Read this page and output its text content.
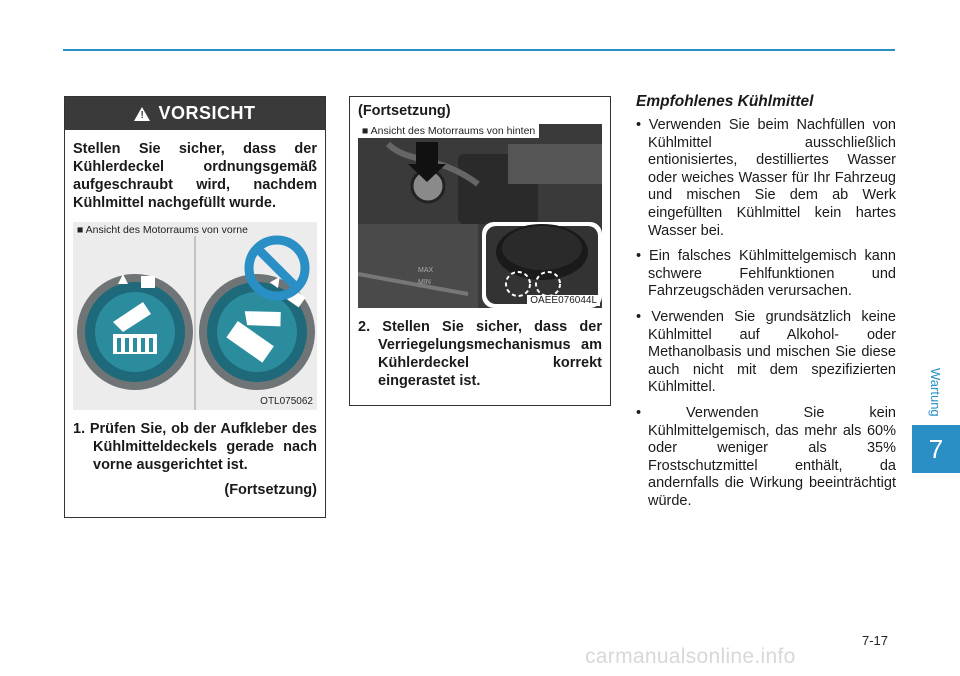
! VORSICHT
Stellen Sie sicher, dass der Kühlerdeckel ordnungsgemäß aufgeschraubt wird, nachdem Kühlmittel nachgefüllt wurde.
■ Ansicht des Motorraums von vorne
OTL075062
1. Prüfen Sie, ob der Aufkleber des Kühlmitteldeckels gerade nach vorne ausgerichtet ist.
(Fortsetzung)
(Fortsetzung)
MAX
MIN
■ Ansicht des Motorraums von hinten
OAEE076044L
2. Stellen Sie sicher, dass der Verriegelungsmechanismus am Kühlerdeckel korrekt eingerastet ist.
Empfohlenes Kühlmittel
• Verwenden Sie beim Nachfüllen von Kühlmittel ausschließlich entionisiertes, destilliertes Wasser oder weiches Wasser für Ihr Fahrzeug und mischen Sie dem ab Werk eingefüllten Kühlmittel kein hartes Wasser bei.
• Ein falsches Kühlmittelgemisch kann schwere Fehlfunktionen und Fahrzeugschäden verursachen.
• Verwenden Sie grundsätzlich keine Kühlmittel auf Alkohol- oder Methanolbasis und mischen Sie diese auch nicht mit dem spezifizierten Kühlmittel.
• Verwenden Sie kein Kühlmittelgemisch, das mehr als 60% oder weniger als 35% Frostschutzmittel enthält, da andernfalls die Wirkung beeinträchtigt würde.
Wartung
7
7-17
carmanualsonline.info
